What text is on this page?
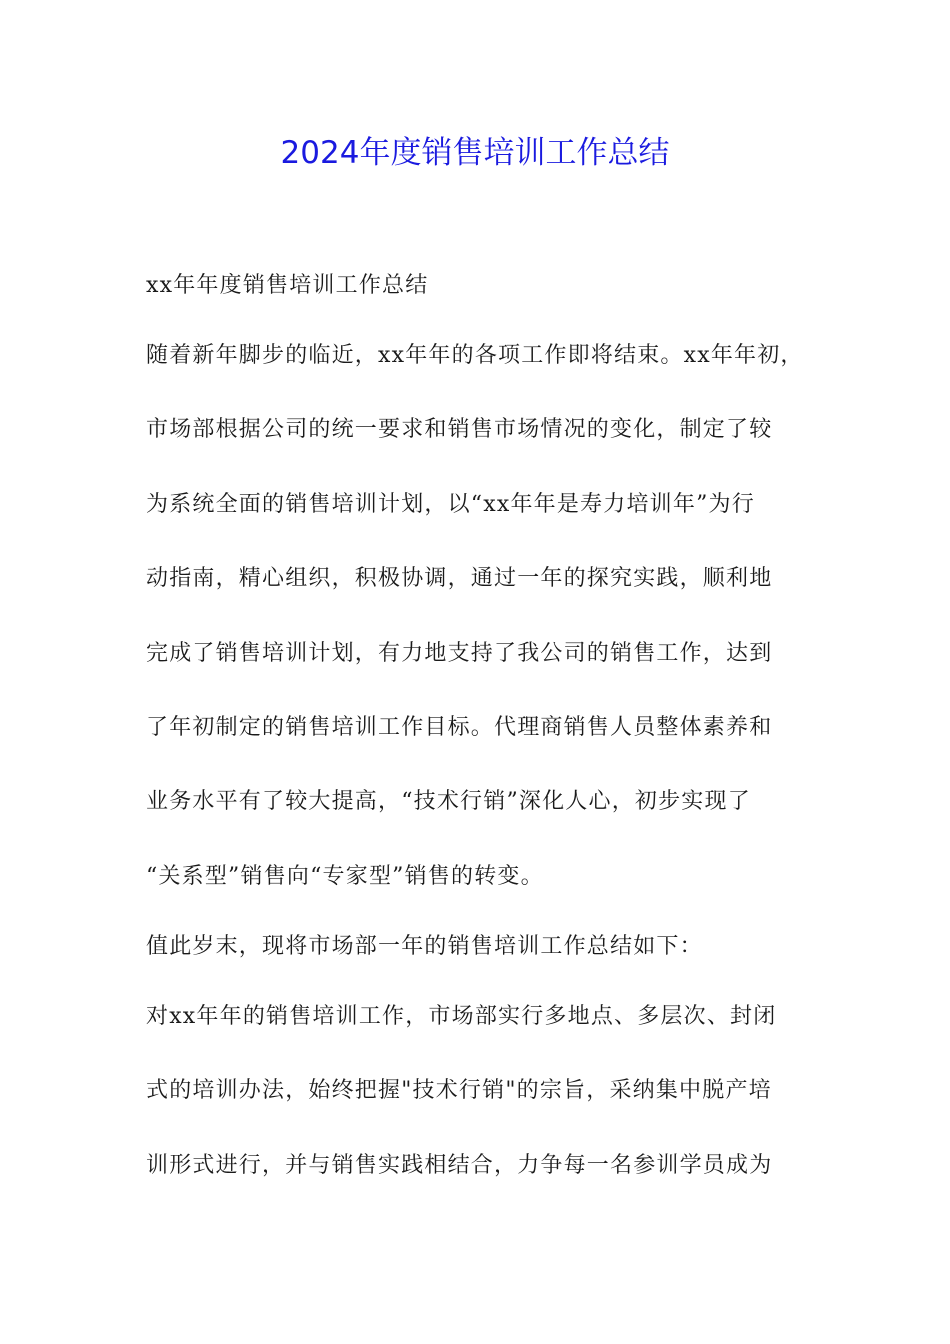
2024年度销售培训工作总结
xx年年度销售培训工作总结
随着新年脚步的临近，xx年年的各项工作即将结束。xx年年初，
市场部根据公司的统一要求和销售市场情况的变化，制定了较
为系统全面的销售培训计划，以“xx年年是寿力培训年”为行
动指南，精心组织，积极协调，通过一年的探究实践，顺利地
完成了销售培训计划，有力地支持了我公司的销售工作，达到
了年初制定的销售培训工作目标。代理商销售人员整体素养和
业务水平有了较大提高，“技术行销”深化人心，初步实现了
“关系型”销售向“专家型”销售的转变。
值此岁末，现将市场部一年的销售培训工作总结如下：
对xx年年的销售培训工作，市场部实行多地点、多层次、封闭
式的培训办法，始终把握"技术行销"的宗旨，采纳集中脱产培
训形式进行，并与销售实践相结合，力争每一名参训学员成为
